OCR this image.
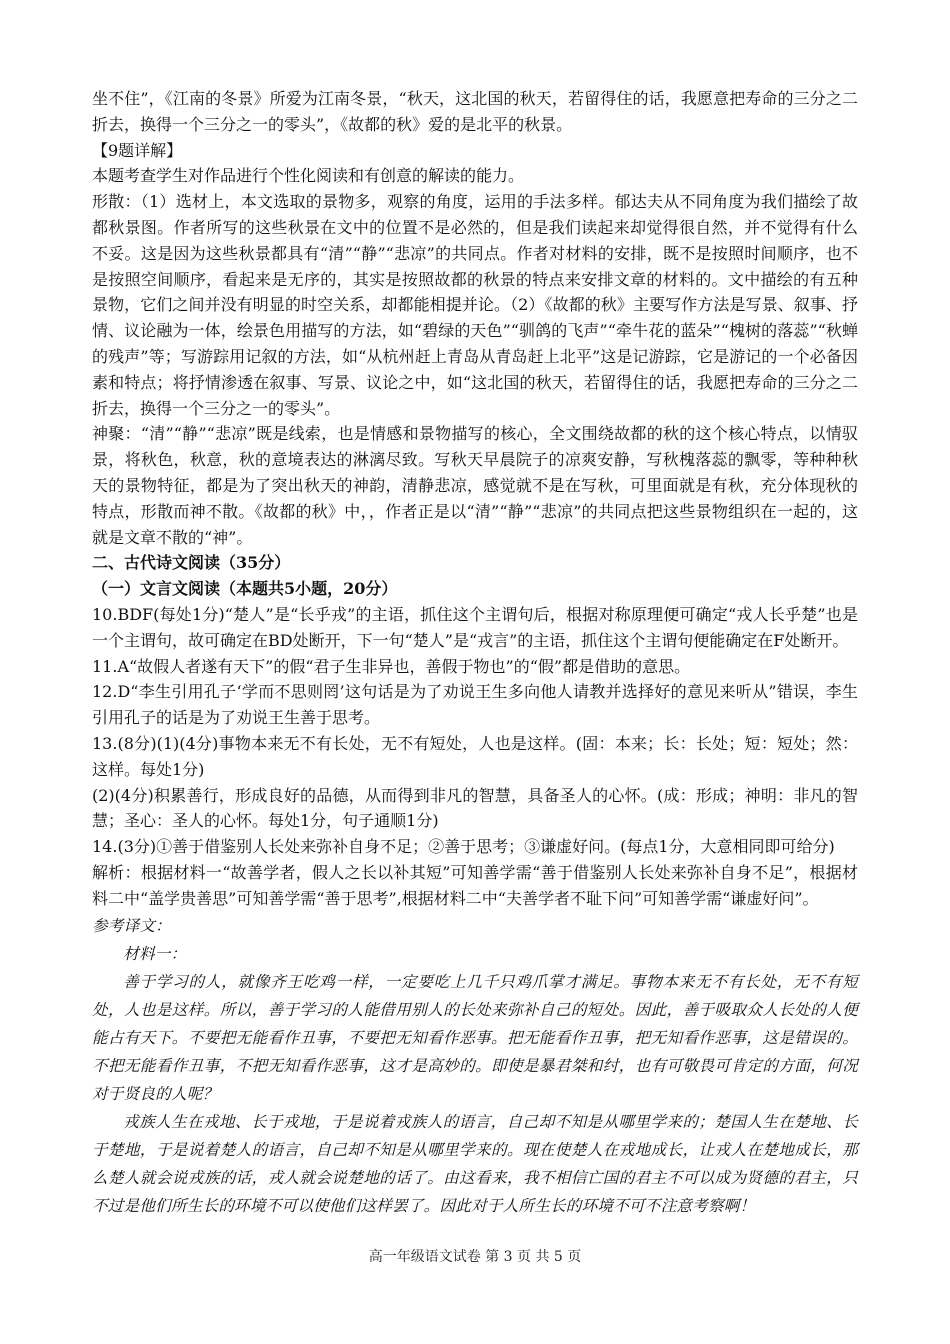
坐不住”，《江南的冬景》所爱为江南冬景，“秋天，这北国的秋天，若留得住的话，我愿意把寿命的三分之二折去，换得一个三分之一的零头”，《故都的秋》爱的是北平的秋景。

【9题详解】

本题考查学生对作品进行个性化阅读和有创意的解读的能力。

形散：（1）选材上，本文选取的景物多，观察的角度，运用的手法多样。郁达夫从不同角度为我们描绘了故都秋景图。作者所写的这些秋景在文中的位置不是必然的，但是我们读起来却觉得很自然，并不觉得有什么不妥。这是因为这些秋景都具有“清”“静”“悲凉”的共同点。作者对材料的安排，既不是按照时间顺序，也不是按照空间顺序，看起来是无序的，其实是按照故都的秋景的特点来安排文章的材料的。文中描绘的有五种景物，它们之间并没有明显的时空关系，却都能相提并论。（2）《故都的秋》主要写作方法是写景、叙事、抒情、议论融为一体，绘景色用描写的方法，如“碧绿的天色”“驯鸽的飞声”“牵牛花的蓝朵”“槐树的落蕊”“秋蝉的残声”等；写游踪用记叙的方法，如“从杭州赶上青岛从青岛赶上北平”这是记游踪，它是游记的一个必备因素和特点；将抒情渗透在叙事、写景、议论之中，如“这北国的秋天，若留得住的话，我愿把寿命的三分之二折去，换得一个三分之一的零头”。

神聚：“清”“静”“悲凉”既是线索，也是情感和景物描写的核心，全文围绕故都的秋的这个核心特点，以情驭景，将秋色，秋意，秋的意境表达的淋漓尽致。写秋天早晨院子的凉爽安静，写秋槐落蕊的飘零，等种种秋天的景物特征，都是为了突出秋天的神韵，清静悲凉，感觉就不是在写秋，可里面就是有秋，充分体现秋的特点，形散而神不散。《故都的秋》中，，作者正是以“清”“静”“悲凉”的共同点把这些景物组织在一起的，这就是文章不散的“神”。

二、古代诗文阅读（35分）

（一）文言文阅读（本题共5小题，20分）

10.BDF(每处1分)“楚人”是“长乎戎”的主语，抓住这个主谓句后，根据对称原理便可确定“戎人长乎楚”也是一个主谓句，故可确定在BD处断开，下一句“楚人”是“戎言”的主语，抓住这个主谓句便能确定在F处断开。

11.A“故假人者遂有天下”的假“君子生非异也，善假于物也”的“假”都是借助的意思。

12.D“李生引用孔子‘学而不思则罔’这句话是为了劝说王生多向他人请教并选择好的意见来听从”错误，李生引用孔子的话是为了劝说王生善于思考。

13.(8分)(1)(4分)事物本来无不有长处，无不有短处，人也是这样。(固：本来；长：长处；短：短处；然：这样。每处1分)

(2)(4分)积累善行，形成良好的品德，从而得到非凡的智慧，具备圣人的心怀。(成：形成；神明：非凡的智慧；圣心：圣人的心怀。每处1分，句子通顺1分)

14.(3分)①善于借鉴别人长处来弥补自身不足；②善于思考；③谦虚好问。(每点1分，大意相同即可给分)

解析：根据材料一“故善学者，假人之长以补其短”可知善学需“善于借鉴别人长处来弥补自身不足”，根据材料二中“盖学贵善思”可知善学需“善于思考”,根据材料二中“夫善学者不耻下问”可知善学需“谦虚好问”。

参考译文：

材料一：

善于学习的人，就像齐王吃鸡一样，一定要吃上几千只鸡爪掌才满足。事物本来无不有长处，无不有短处，人也是这样。所以，善于学习的人能借用别人的长处来弥补自己的短处。因此，善于吸取众人长处的人便能占有天下。不要把无能看作丑事，不要把无知看作恶事。把无能看作丑事，把无知看作恶事，这是错误的。不把无能看作丑事，不把无知看作恶事，这才是高妙的。即使是暴君桀和纣，也有可敬畏可肯定的方面，何况对于贤良的人呢？

戎族人生在戎地、长于戎地，于是说着戎族人的语言，自己却不知是从哪里学来的；楚国人生在楚地、长于楚地，于是说着楚人的语言，自己却不知是从哪里学来的。现在使楚人在戎地成长，让戎人在楚地成长，那么楚人就会说戎族的话，戎人就会说楚地的话了。由这看来，我不相信亡国的君主不可以成为贤德的君主，只不过是他们所生长的环境不可以使他们这样罢了。因此对于人所生长的环境不可不注意考察啊！

高一年级语文试卷 第 3 页 共 5 页
